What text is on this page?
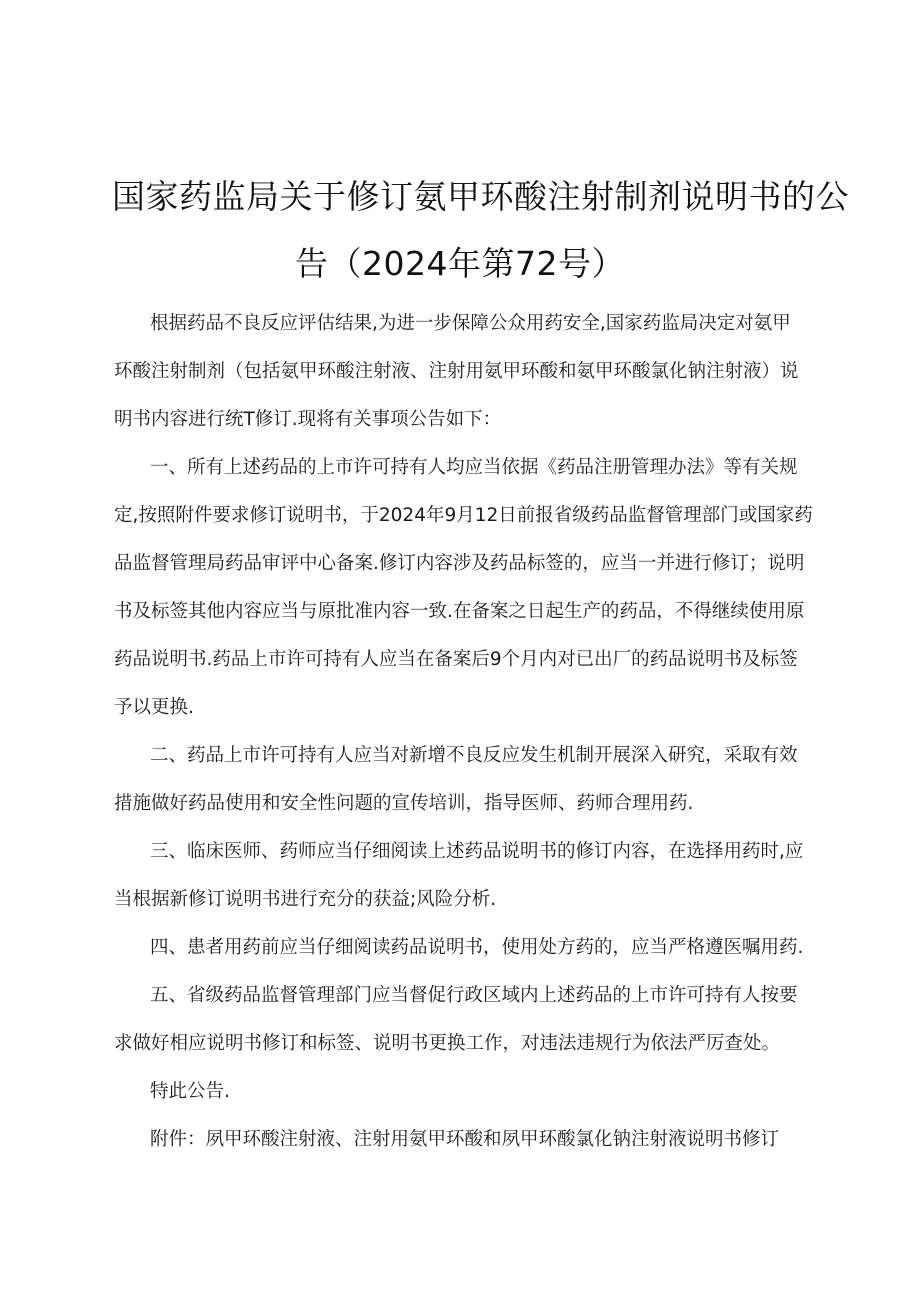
国家药监局关于修订氨甲环酸注射制剂说明书的公
告（2024年第72号）
根据药品不良反应评估结果,为进一步保障公众用药安全,国家药监局决定对氨甲
环酸注射制剂（包括氨甲环酸注射液、注射用氨甲环酸和氨甲环酸氯化钠注射液）说
明书内容进行统T修订.现将有关事项公告如下：
一、所有上述药品的上市许可持有人均应当依据《药品注册管理办法》等有关规
定,按照附件要求修订说明书，于2024年9月12日前报省级药品监督管理部门或国家药
品监督管理局药品审评中心备案.修订内容涉及药品标签的，应当一并进行修订；说明
书及标签其他内容应当与原批准内容一致.在备案之日起生产的药品，不得继续使用原
药品说明书.药品上市许可持有人应当在备案后9个月内对已出厂的药品说明书及标签
予以更换.
二、药品上市许可持有人应当对新增不良反应发生机制开展深入研究，采取有效
措施做好药品使用和安全性问题的宣传培训，指导医师、药师合理用药.
三、临床医师、药师应当仔细阅读上述药品说明书的修订内容，在选择用药时,应
当根据新修订说明书进行充分的获益;风险分析.
四、患者用药前应当仔细阅读药品说明书，使用处方药的，应当严格遵医嘱用药.
五、省级药品监督管理部门应当督促行政区域内上述药品的上市许可持有人按要
求做好相应说明书修订和标签、说明书更换工作，对违法违规行为依法严厉查处。
特此公告.
附件：夙甲环酸注射液、注射用氨甲环酸和夙甲环酸氯化钠注射液说明书修订
